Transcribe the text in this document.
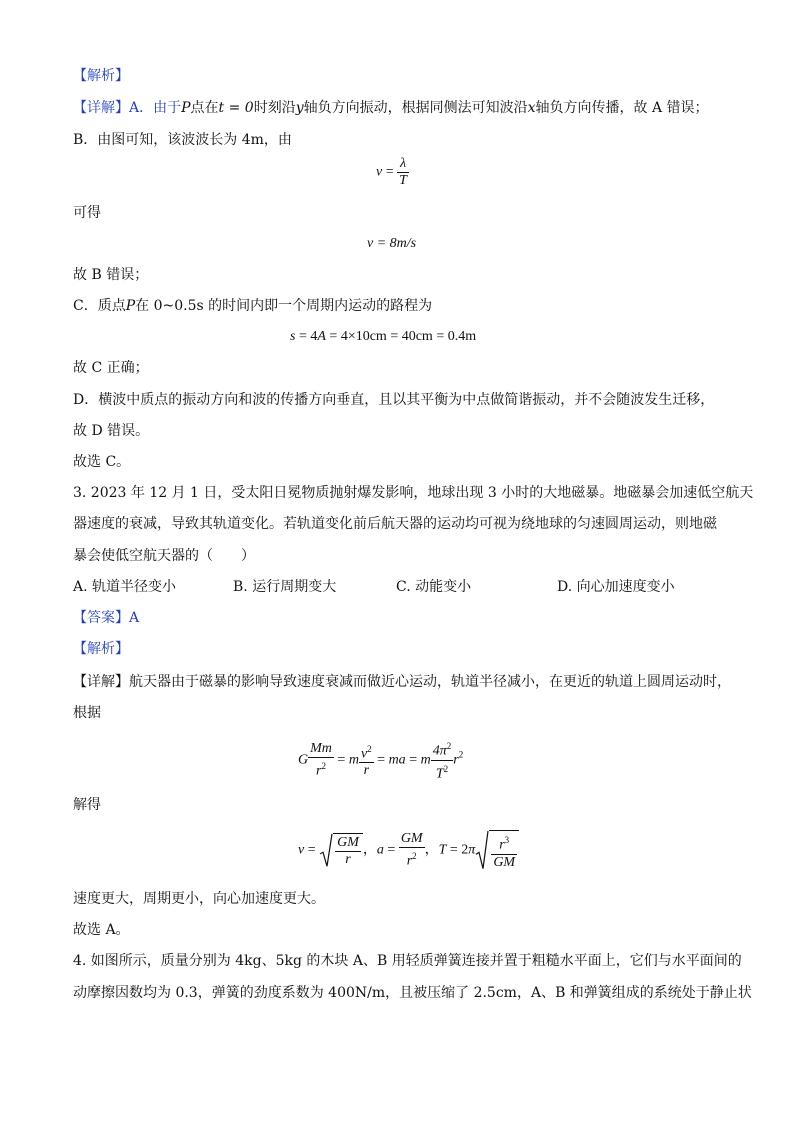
【解析】
【详解】A．由于P点在t = 0时刻沿y轴负方向振动，根据同侧法可知波沿x轴负方向传播，故 A 错误；
B．由图可知，该波波长为 4m，由
$v = \frac{\lambda}{T}$
可得
v = 8m/s
故 B 错误；
C．质点P在 0~0.5s 的时间内即一个周期内运动的路程为
s = 4A = 4×10cm = 40cm = 0.4m
故 C 正确；
D．横波中质点的振动方向和波的传播方向垂直，且以其平衡为中点做简谐振动，并不会随波发生迁移，
故 D 错误。
故选 C。
3. 2023 年 12 月 1 日，受太阳日冕物质抛射爆发影响，地球出现 3 小时的大地磁暴。地磁暴会加速低空航天
器速度的衰减，导致其轨道变化。若轨道变化前后航天器的运动均可视为绕地球的匀速圆周运动，则地磁
暴会使低空航天器的（　　）
A. 轨道半径变小	B. 运行周期变大	C. 动能变小	D. 向心加速度变小
【答案】A
【解析】
【详解】航天器由于磁暴的影响导致速度衰减而做近心运动，轨道半径减小，在更近的轨道上圆周运动时，
根据
G $\frac{Mm}{r^2} = m \frac{v^2}{r}$ = ma = m $\frac{4\pi^2}{T^2} r^2$
解得
$v = \frac{GM}{r}$ ，$a = \frac{GM}{r^2}$ ，$T = 2\pi \frac{r^3}{GM}$
速度更大，周期更小，向心加速度更大。
故选 A。
4. 如图所示，质量分别为 4kg、5kg 的木块 A、B 用轻质弹簧连接并置于粗糙水平面上，它们与水平面间的
动摩擦因数均为 0.3，弹簧的劲度系数为 400N/m，且被压缩了 2.5cm，A、B 和弹簧组成的系统处于静止状
